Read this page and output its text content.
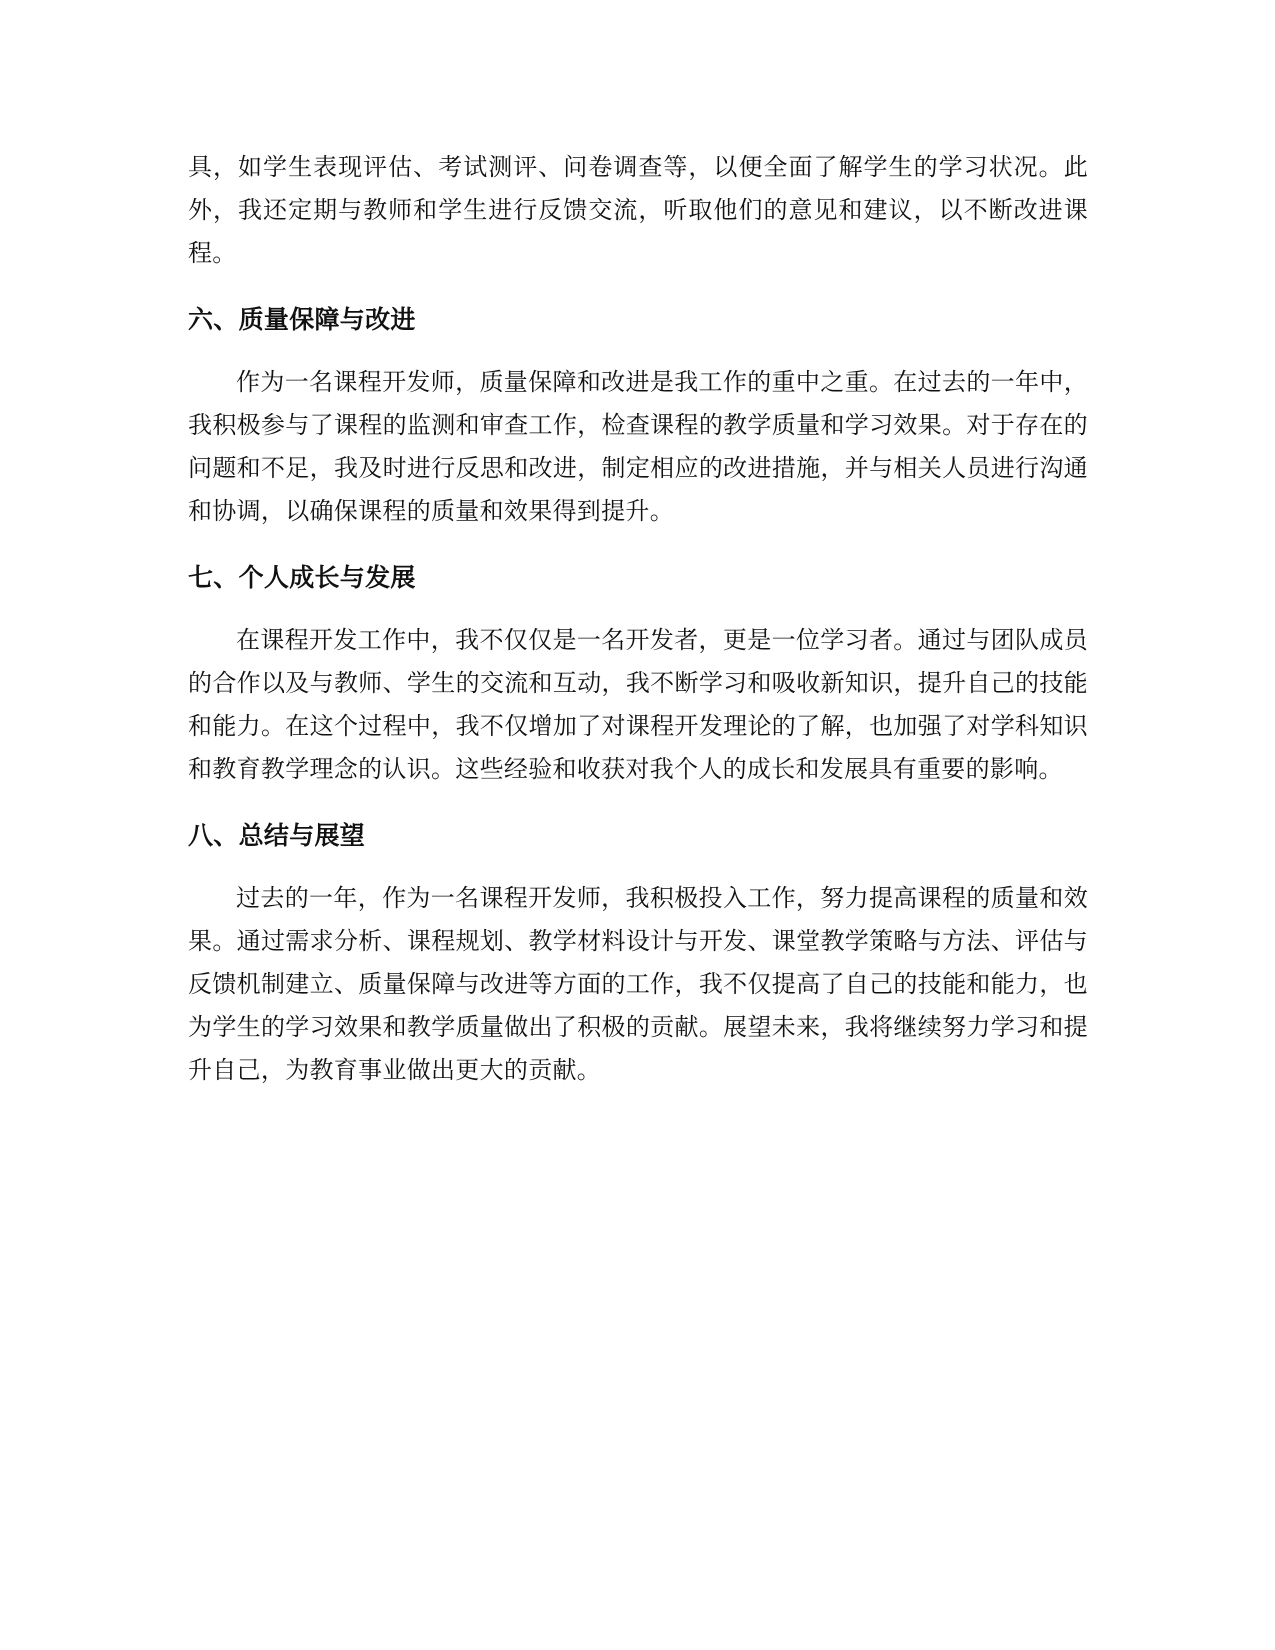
具，如学生表现评估、考试测评、问卷调查等，以便全面了解学生的学习状况。此外，我还定期与教师和学生进行反馈交流，听取他们的意见和建议，以不断改进课程。

六、质量保障与改进

作为一名课程开发师，质量保障和改进是我工作的重中之重。在过去的一年中，我积极参与了课程的监测和审查工作，检查课程的教学质量和学习效果。对于存在的问题和不足，我及时进行反思和改进，制定相应的改进措施，并与相关人员进行沟通和协调，以确保课程的质量和效果得到提升。

七、个人成长与发展

在课程开发工作中，我不仅仅是一名开发者，更是一位学习者。通过与团队成员的合作以及与教师、学生的交流和互动，我不断学习和吸收新知识，提升自己的技能和能力。在这个过程中，我不仅增加了对课程开发理论的了解，也加强了对学科知识和教育教学理念的认识。这些经验和收获对我个人的成长和发展具有重要的影响。

八、总结与展望

过去的一年，作为一名课程开发师，我积极投入工作，努力提高课程的质量和效果。通过需求分析、课程规划、教学材料设计与开发、课堂教学策略与方法、评估与反馈机制建立、质量保障与改进等方面的工作，我不仅提高了自己的技能和能力，也为学生的学习效果和教学质量做出了积极的贡献。展望未来，我将继续努力学习和提升自己，为教育事业做出更大的贡献。
